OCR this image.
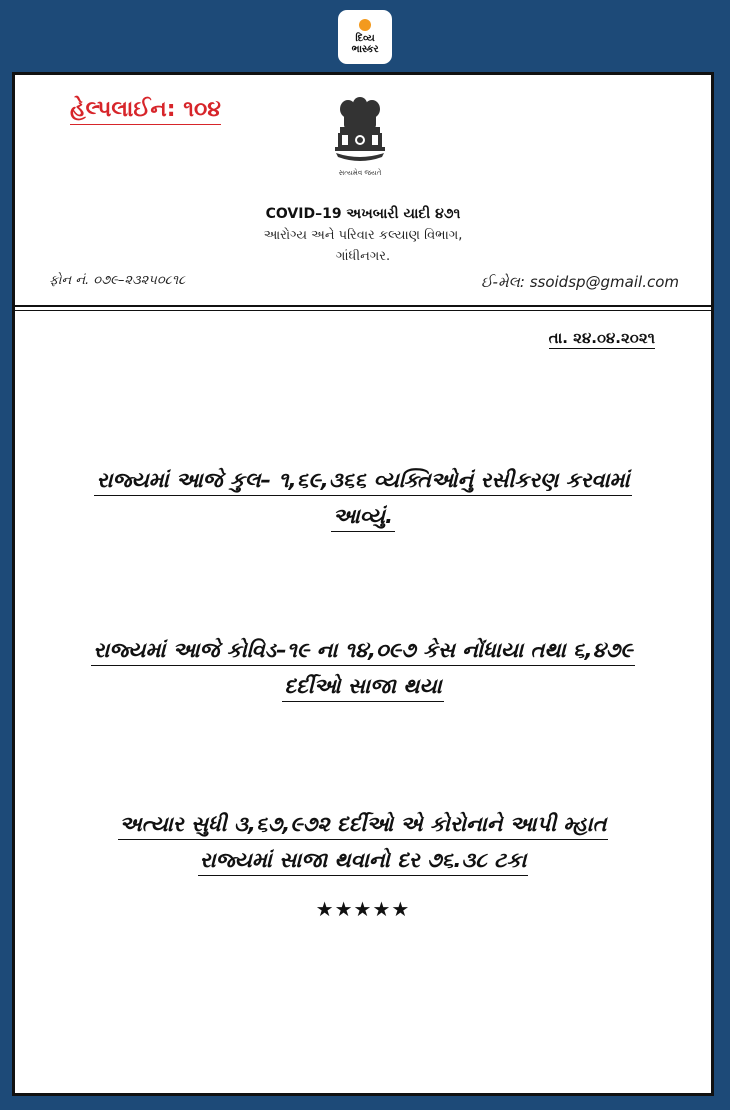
દિવ્ય
ભાસ્કર
હેલ્પલાઈન: ૧૦૪
સત્યમેવ જયતે
COVID–19 અખબારી યાદી ૪૭૧
આરોગ્ય અને પરિવાર કલ્યાણ વિભાગ,
ગાંધીનગર.
ફોન નં. ૦૭૯–૨૩૨૫૦૮૧૮	ઈ-મેલ: ssoidsp@gmail.com
તા. ૨૪.૦૪.૨૦૨૧
રાજ્યમાં આજે કુલ– ૧,૬૯,૩૬૬ વ્યક્તિઓનું રસીકરણ કરવામાં
આવ્યું.
રાજ્યમાં આજે કોવિડ–૧૯ ના ૧૪,૦૯૭ કેસ નોંધાયા તથા ૬,૪૭૯
દર્દીઓ સાજા થયા
અત્યાર સુધી ૩,૬૭,૯૭૨ દર્દીઓ એ કોરોનાને આપી મ્હાત
રાજ્યમાં સાજા થવાનો દર ૭૬.૩૮ ટકા
★★★★★
